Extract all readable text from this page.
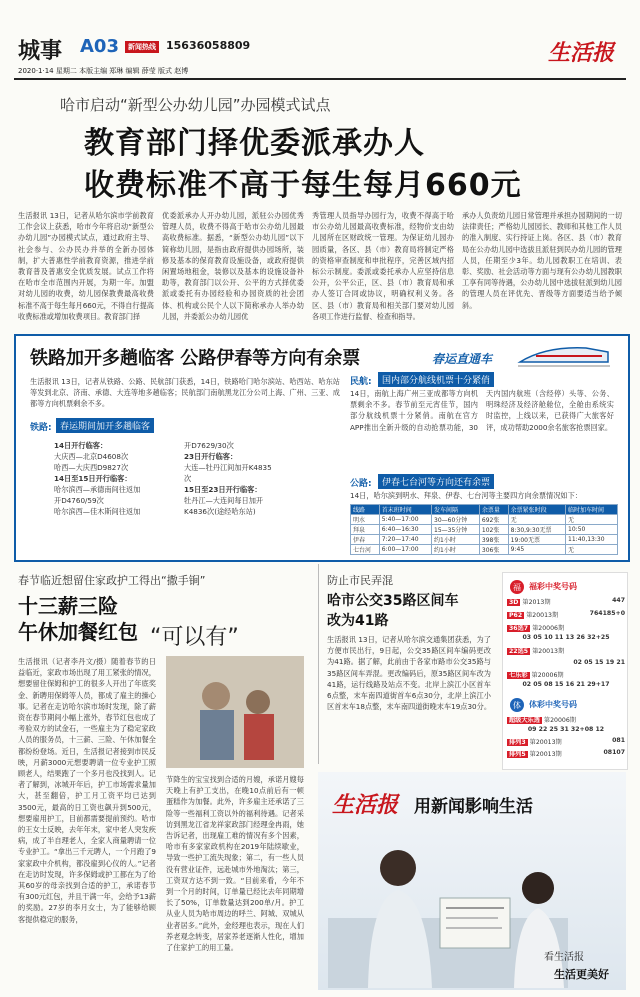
城事 A03	新闻热线 15636058809
2020·1·14 星期二 本版主编 郑琳 编辑 薛莹 版式 赵博
生活报
哈市启动“新型公办幼儿园”办园模式试点
教育部门择优委派承办人
收费标准不高于每生每月660元
生活报讯 13日，记者从哈尔滨市学前教育工作会议上获悉，哈市今年将启动“新型公办幼儿园”办园模式试点，通过政府主导、社会参与、公办民办并举的全新办园体制，扩大普惠性学前教育资源，推进学前教育普及普惠安全优质发展。试点工作将在哈市全市范围内开展，为期一年。加盟对幼儿园的收费，幼儿园保教费最高收费标准不高于每生每月660元，不得自行提高收费标准或增加收费项目。教育部门择
优委派承办人开办幼儿园，派驻公办园优秀管理人员，收费不得高于哈市公办幼儿园最高收费标准。据悉，“新型公办幼儿园”以下简称幼儿园，是指由政府提供办园场所，装修及基本的保育教育设施设备，或政府提供闲置场地租金，装修以及基本的设施设备补助等，教育部门以公开、公平的方式择优委派或委托有办园经验和办园资质的社会团体、机构或公民个人以下简称承办人举办幼儿园，并委派公办幼儿园优
秀管理人员指导办园行为，收费不得高于哈市公办幼儿园最高收费标准，经物价支由幼儿园所在区财政统一管理。为保证幼儿园办园质量，各区、县（市）教育局将制定严格的资格审查制度和申批程序，完善区域内招标公示制度。委派或委托承办人应坚持信息公开，公平公正，区、县（市）教育局和承办人签订合同或协议，明确权利义务。各区、县（市）教育局和相关部门要对幼儿园各项工作进行监督、检查和指导。
承办人负责幼儿园日常管理并承担办园期间的一切法律责任；严格幼儿园园长、教师和其他工作人员的准入制度、实行持证上岗。各区、县（市）教育局在公办幼儿园中选拔且派驻到民办幼儿园的管理人员，任期至少3年。幼儿园教职工在培训、表彰、奖励、社会活动等方面与现有公办幼儿园教职工享有同等待遇，公办幼儿园中选拔驻派到幼儿园的管理人员在评优先、晋级等方面要适当给予倾斜。
铁路加开多趟临客 公路伊春等方向有余票	春运直通车
生活报讯 13日，记者从铁路、公路、民航部门获悉，14日，铁路哈门哈尔滨站、哈西站、哈东站等发到北京、济南、承德、大连等地多趟临客；民航部门南航黑龙江分公司上海、广州、三亚、成都等方向机票剩余不多。
铁路: 春运期间加开多趟临客
14日开行临客：
大庆西—北京D4608次
哈西—大庆西D9827次
14日至15日开行临客：
哈尔滨西—承德南间往返加
开D4760/59次
哈尔滨西—佳木斯间往返加
开D7629/30次
23日开行临客：
大连—牡丹江间加开K4835
次
15日至23日开行临客：
牡丹江—大连间每日加开
K4836次(途经哈东站)
民航:	国内部分航线机票十分紧俏
14日，南航上海广州三亚成都等方向机票剩余不多。春节前至元宵佳节，国内部分航线机票十分紧俏。南航在官方APP推出全新升级的自动抢票功能，30天内国内航班（含经停）头等、公务、明珠经济及经济舱舱位，全舱由系统实时监控，上线以来，已获得广大旅客好评，成功帮助2000余名旅客抢票回家。
公路:	伊春七台河等方向还有余票
14日，哈尔滨到明水、拜泉、伊春、七台河等主要四方向余票情况如下：
线路	首末班时间	发车间隔	余票量	余票紧张时段	临时加车时间
明水	5:40—17:00	30—60分钟	692张	无	无
拜泉	6:40—16:30	15—35分钟	102张	8:30,9:30无票	10:50
伊春	7:20—17:40	约1小时	398张	19:00无票	11:40,13:30
七台河	6:00—17:00	约1小时	306张	9:45	无
春节临近想留住家政护工得出“撒手锏”
十三薪三险
午休加餐红包 “可以有”
生活报讯（记者李丹文/摄）随着春节的日益临近，家政市场出现了用工紧张的情况，想要留住保姆和护工的很多人开出了年底奖金、新聘用保姆等人员，都成了雇主的操心事。记者在走访哈尔滨市场时发现，除了薪资在春节期间小幅上涨外，春节红包也成了考验双方的试金石，一些雇主为了稳定家政人员的服务员，十三薪、三险、午休加餐全都纷纷登场。近日，生活报记者接到市民反映，月薪3000元想要聘请一位专业护工照顾老人，结果跑了一个多月也没找到人。记者了解到，冰城开年后，护工市场需求量加大，甚至翻倍，护工月工资平均已达到3500元，最高的日工资也飙升到500元，想要雇用护工，目前都需要提前预约。哈市的王女士反映，去年年末，家中老人突发疾病，成了半自理老人，全家人商量聘请一位专业护工。“拿出三千元聘人，一个月跑了9家家政中介机构，都没雇到心仪的人。”记者在走访时发现，许多保姆或护工都在为了给其60岁的母亲找到合适的护工，承诺春节有300元红包，并且干满一年，会给予13薪的奖励。27岁的李月女士，为了能够给顾客提供稳定的服务，
节降生的宝宝找到合适的月嫂，承诺月嫂每天晚上有护工支出，在晚10点前后有一顿蛋糕作为加餐。此外，许多雇主还承诺了三险等一些福利工资以外的福利待遇。记者采访到黑龙江省龙祥家政部门经理金冉雨，她告诉记者，出现雇工难的情况有多个因素，哈市有多家家政机构在2019年陆续歇业，导致一些护工流失现象；第二，有一些人员没有营业证件，远赴城市外地淘汰；第三，工资双方达不到一致。“目前来看，今年不到一个月的时间，订单量已经比去年同期增长了50%，订单数量达到200单/月。护工从业人员为哈市周边的呼兰、阿城、双城从业者居多。”此外，金经理也表示，现在人们养老观念转变，居家养老逐渐人性化，增加了住家护工的用工量。
防止市民弄混
哈市公交35路区间车
改为41路
生活报讯 13日，记者从哈尔滨交通集团获悉，为了方便市民出行，9日起，公交35路区间车编码更改为41路。据了解，此前由于各家市路市公交35路与35路区间车弄混。更改编码后，原35路区间车改为41路，运行线路及站点不变。北岸上滨江小区首车6点整，末车南四道街首车6点30分，北岸上滨江小区首末车18点整，末车南四道街晚末车19点30分。
福 福彩中奖号码
3D 第2013期	447
P62 第20013期	764185+0
36选7 第20006期
03 05 10 11 13 26 32+25
22选5 第20013期
02 05 15 19 21
七乐彩 第20006期
02 05 08 15 16 21 29+17
体 体彩中奖号码
超级大乐透 第20006期
09 22 25 31 32+08 12
排列3 第20013期	081
排列5 第20013期	08107
生活报 用新闻影响生活
看生活报
生活更美好
